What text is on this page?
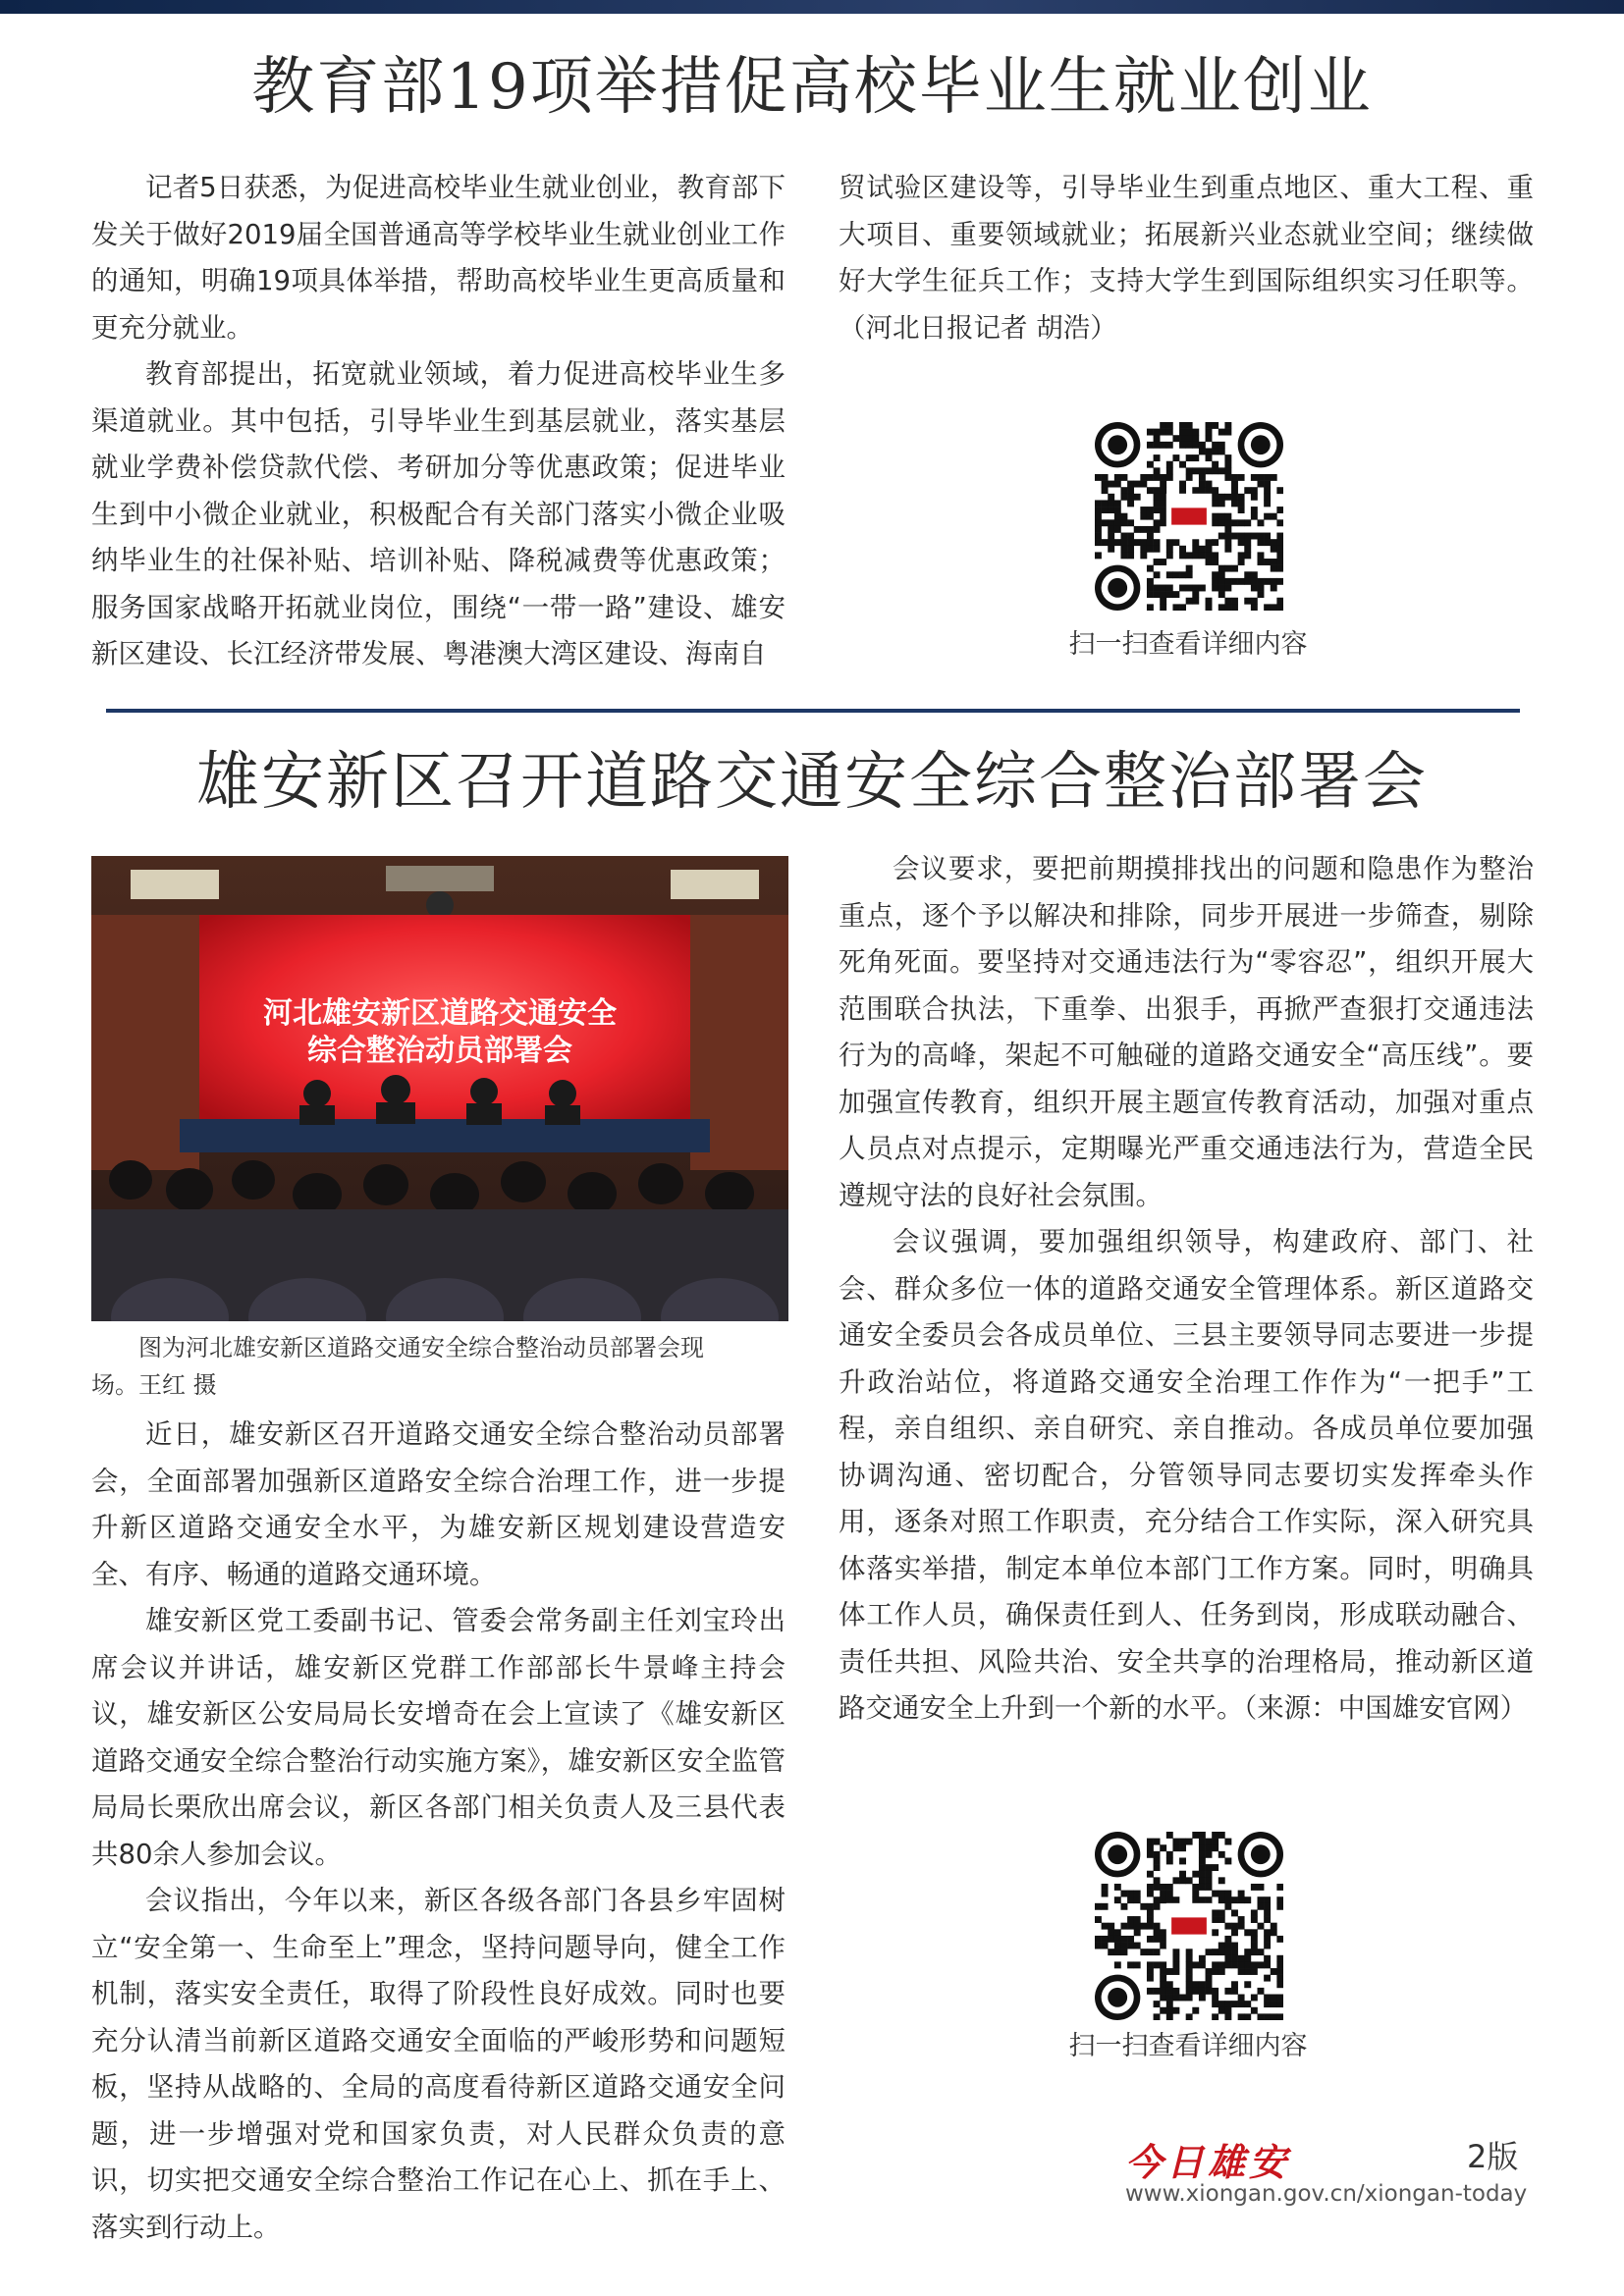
教育部19项举措促高校毕业生就业创业

记者5日获悉，为促进高校毕业生就业创业，教育部下发关于做好2019届全国普通高等学校毕业生就业创业工作的通知，明确19项具体举措，帮助高校毕业生更高质量和更充分就业。

教育部提出，拓宽就业领域，着力促进高校毕业生多渠道就业。其中包括，引导毕业生到基层就业，落实基层就业学费补偿贷款代偿、考研加分等优惠政策；促进毕业生到中小微企业就业，积极配合有关部门落实小微企业吸纳毕业生的社保补贴、培训补贴、降税减费等优惠政策；服务国家战略开拓就业岗位，围绕“一带一路”建设、雄安新区建设、长江经济带发展、粤港澳大湾区建设、海南自

贸试验区建设等，引导毕业生到重点地区、重大工程、重大项目、重要领域就业；拓展新兴业态就业空间；继续做好大学生征兵工作；支持大学生到国际组织实习任职等。（河北日报记者 胡浩）

扫一扫查看详细内容
雄安新区召开道路交通安全综合整治部署会
河北雄安新区道路交通安全
综合整治动员部署会
图为河北雄安新区道路交通安全综合整治动员部署会现
场。王红 摄

近日，雄安新区召开道路交通安全综合整治动员部署会，全面部署加强新区道路安全综合治理工作，进一步提升新区道路交通安全水平，为雄安新区规划建设营造安全、有序、畅通的道路交通环境。

雄安新区党工委副书记、管委会常务副主任刘宝玲出席会议并讲话，雄安新区党群工作部部长牛景峰主持会议，雄安新区公安局局长安增奇在会上宣读了《雄安新区道路交通安全综合整治行动实施方案》，雄安新区安全监管局局长栗欣出席会议，新区各部门相关负责人及三县代表共80余人参加会议。

会议指出，今年以来，新区各级各部门各县乡牢固树立“安全第一、生命至上”理念，坚持问题导向，健全工作机制，落实安全责任，取得了阶段性良好成效。同时也要充分认清当前新区道路交通安全面临的严峻形势和问题短板，坚持从战略的、全局的高度看待新区道路交通安全问题，进一步增强对党和国家负责，对人民群众负责的意识，切实把交通安全综合整治工作记在心上、抓在手上、落实到行动上。

会议要求，要把前期摸排找出的问题和隐患作为整治重点，逐个予以解决和排除，同步开展进一步筛查，剔除死角死面。要坚持对交通违法行为“零容忍”，组织开展大范围联合执法，下重拳、出狠手，再掀严查狠打交通违法行为的高峰，架起不可触碰的道路交通安全“高压线”。要加强宣传教育，组织开展主题宣传教育活动，加强对重点人员点对点提示，定期曝光严重交通违法行为，营造全民遵规守法的良好社会氛围。

会议强调，要加强组织领导，构建政府、部门、社会、群众多位一体的道路交通安全管理体系。新区道路交通安全委员会各成员单位、三县主要领导同志要进一步提升政治站位，将道路交通安全治理工作作为“一把手”工程，亲自组织、亲自研究、亲自推动。各成员单位要加强协调沟通、密切配合，分管领导同志要切实发挥牵头作用，逐条对照工作职责，充分结合工作实际，深入研究具体落实举措，制定本单位本部门工作方案。同时，明确具体工作人员，确保责任到人、任务到岗，形成联动融合、责任共担、风险共治、安全共享的治理格局，推动新区道路交通安全上升到一个新的水平。（来源：中国雄安官网）

扫一扫查看详细内容
今日雄安	2版
www.xiongan.gov.cn/xiongan-today
